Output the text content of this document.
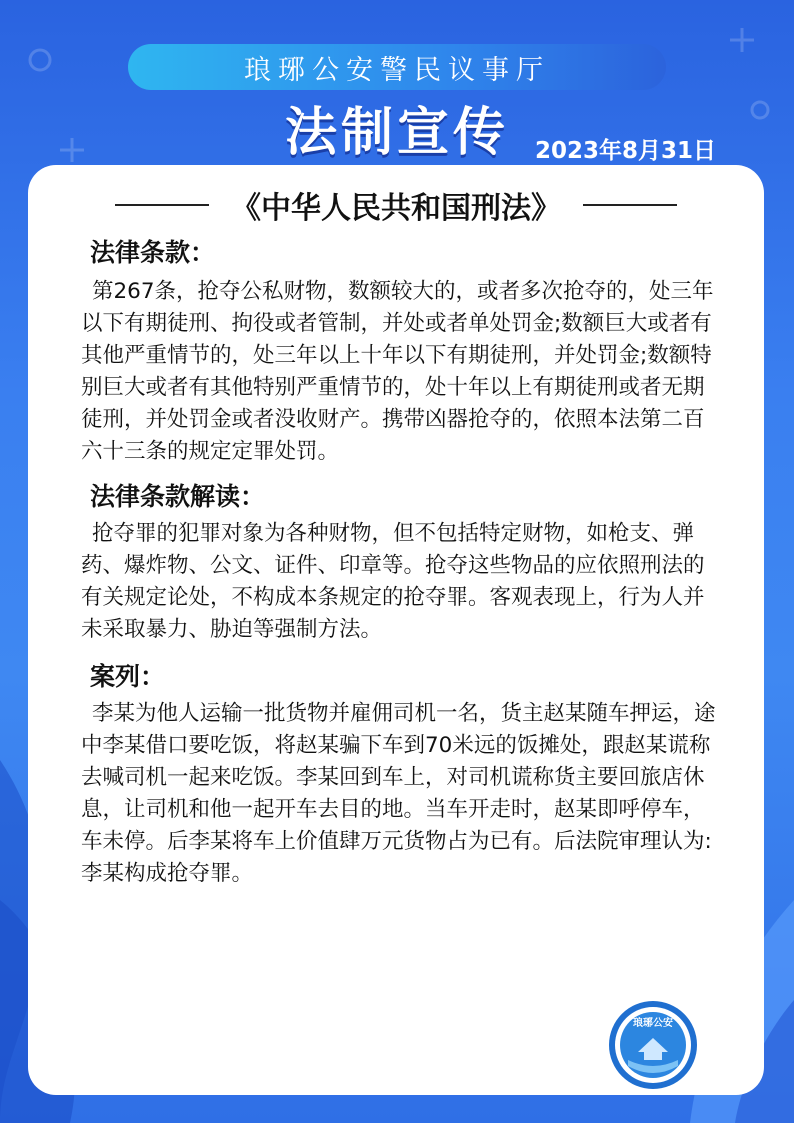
琅琊公安警民议事厅
法制宣传	2023年8月31日
《中华人民共和国刑法》
法律条款：
第267条，抢夺公私财物，数额较大的，或者多次抢夺的，处三年以下有期徒刑、拘役或者管制，并处或者单处罚金;数额巨大或者有其他严重情节的，处三年以上十年以下有期徒刑，并处罚金;数额特别巨大或者有其他特别严重情节的，处十年以上有期徒刑或者无期徒刑，并处罚金或者没收财产。携带凶器抢夺的，依照本法第二百六十三条的规定定罪处罚。
法律条款解读：
抢夺罪的犯罪对象为各种财物，但不包括特定财物，如枪支、弹药、爆炸物、公文、证件、印章等。抢夺这些物品的应依照刑法的有关规定论处，不构成本条规定的抢夺罪。客观表现上，行为人并未采取暴力、胁迫等强制方法。
案列：
李某为他人运输一批货物并雇佣司机一名，货主赵某随车押运，途中李某借口要吃饭，将赵某骗下车到70米远的饭摊处，跟赵某谎称去喊司机一起来吃饭。李某回到车上，对司机谎称货主要回旅店休息，让司机和他一起开车去目的地。当车开走时，赵某即呼停车，车未停。后李某将车上价值肆万元货物占为已有。后法院审理认为:李某构成抢夺罪。
琅琊公安
